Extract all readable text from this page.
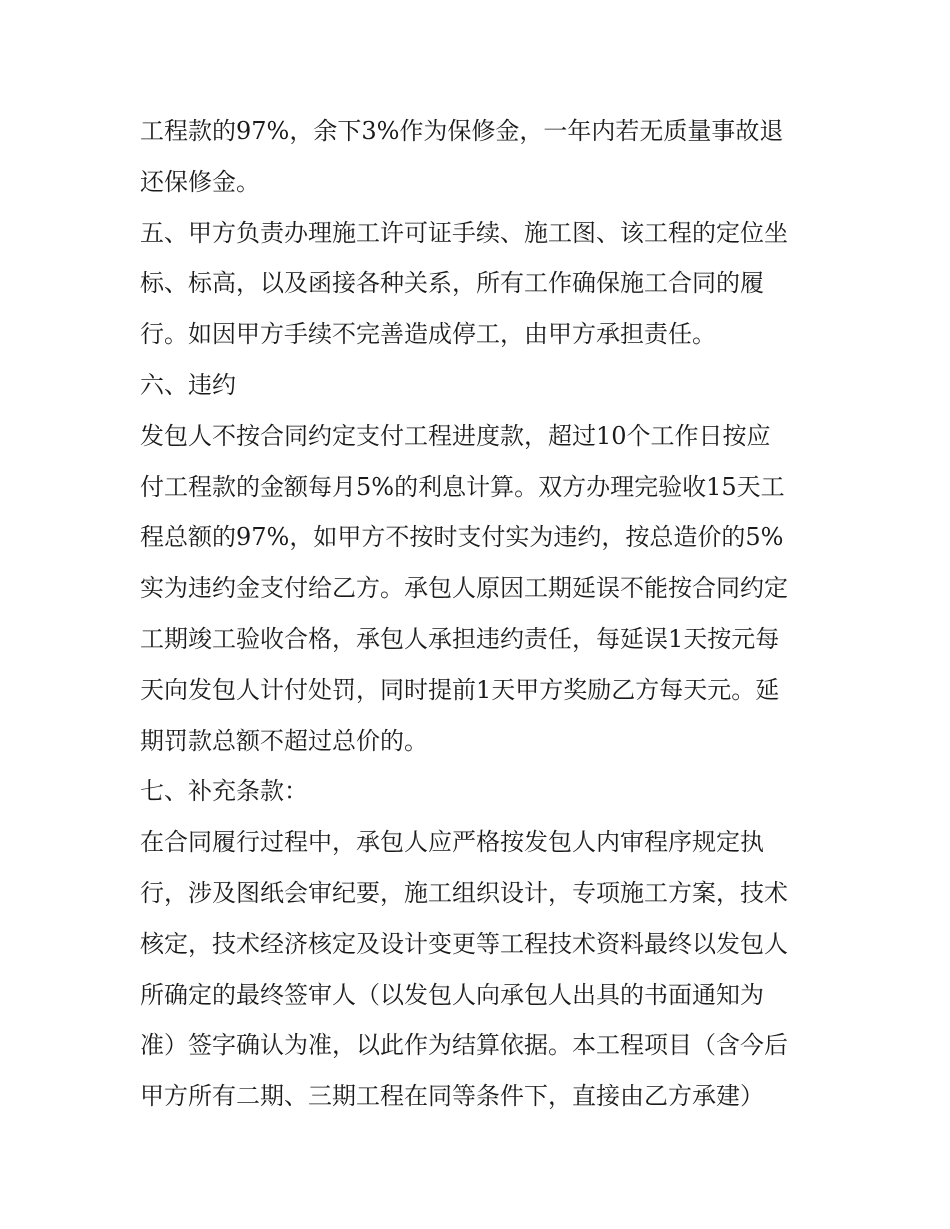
工程款的97%，余下3%作为保修金，一年内若无质量事故退
还保修金。
五、甲方负责办理施工许可证手续、施工图、该工程的定位坐
标、标高，以及函接各种关系，所有工作确保施工合同的履
行。如因甲方手续不完善造成停工，由甲方承担责任。
六、违约
发包人不按合同约定支付工程进度款，超过10个工作日按应
付工程款的金额每月5%的利息计算。双方办理完验收15天工
程总额的97%，如甲方不按时支付实为违约，按总造价的5%
实为违约金支付给乙方。承包人原因工期延误不能按合同约定
工期竣工验收合格，承包人承担违约责任，每延误1天按元每
天向发包人计付处罚，同时提前1天甲方奖励乙方每天元。延
期罚款总额不超过总价的。
七、补充条款：
在合同履行过程中，承包人应严格按发包人内审程序规定执
行，涉及图纸会审纪要，施工组织设计，专项施工方案，技术
核定，技术经济核定及设计变更等工程技术资料最终以发包人
所确定的最终签审人（以发包人向承包人出具的书面通知为
准）签字确认为准，以此作为结算依据。本工程项目（含今后
甲方所有二期、三期工程在同等条件下，直接由乙方承建）
